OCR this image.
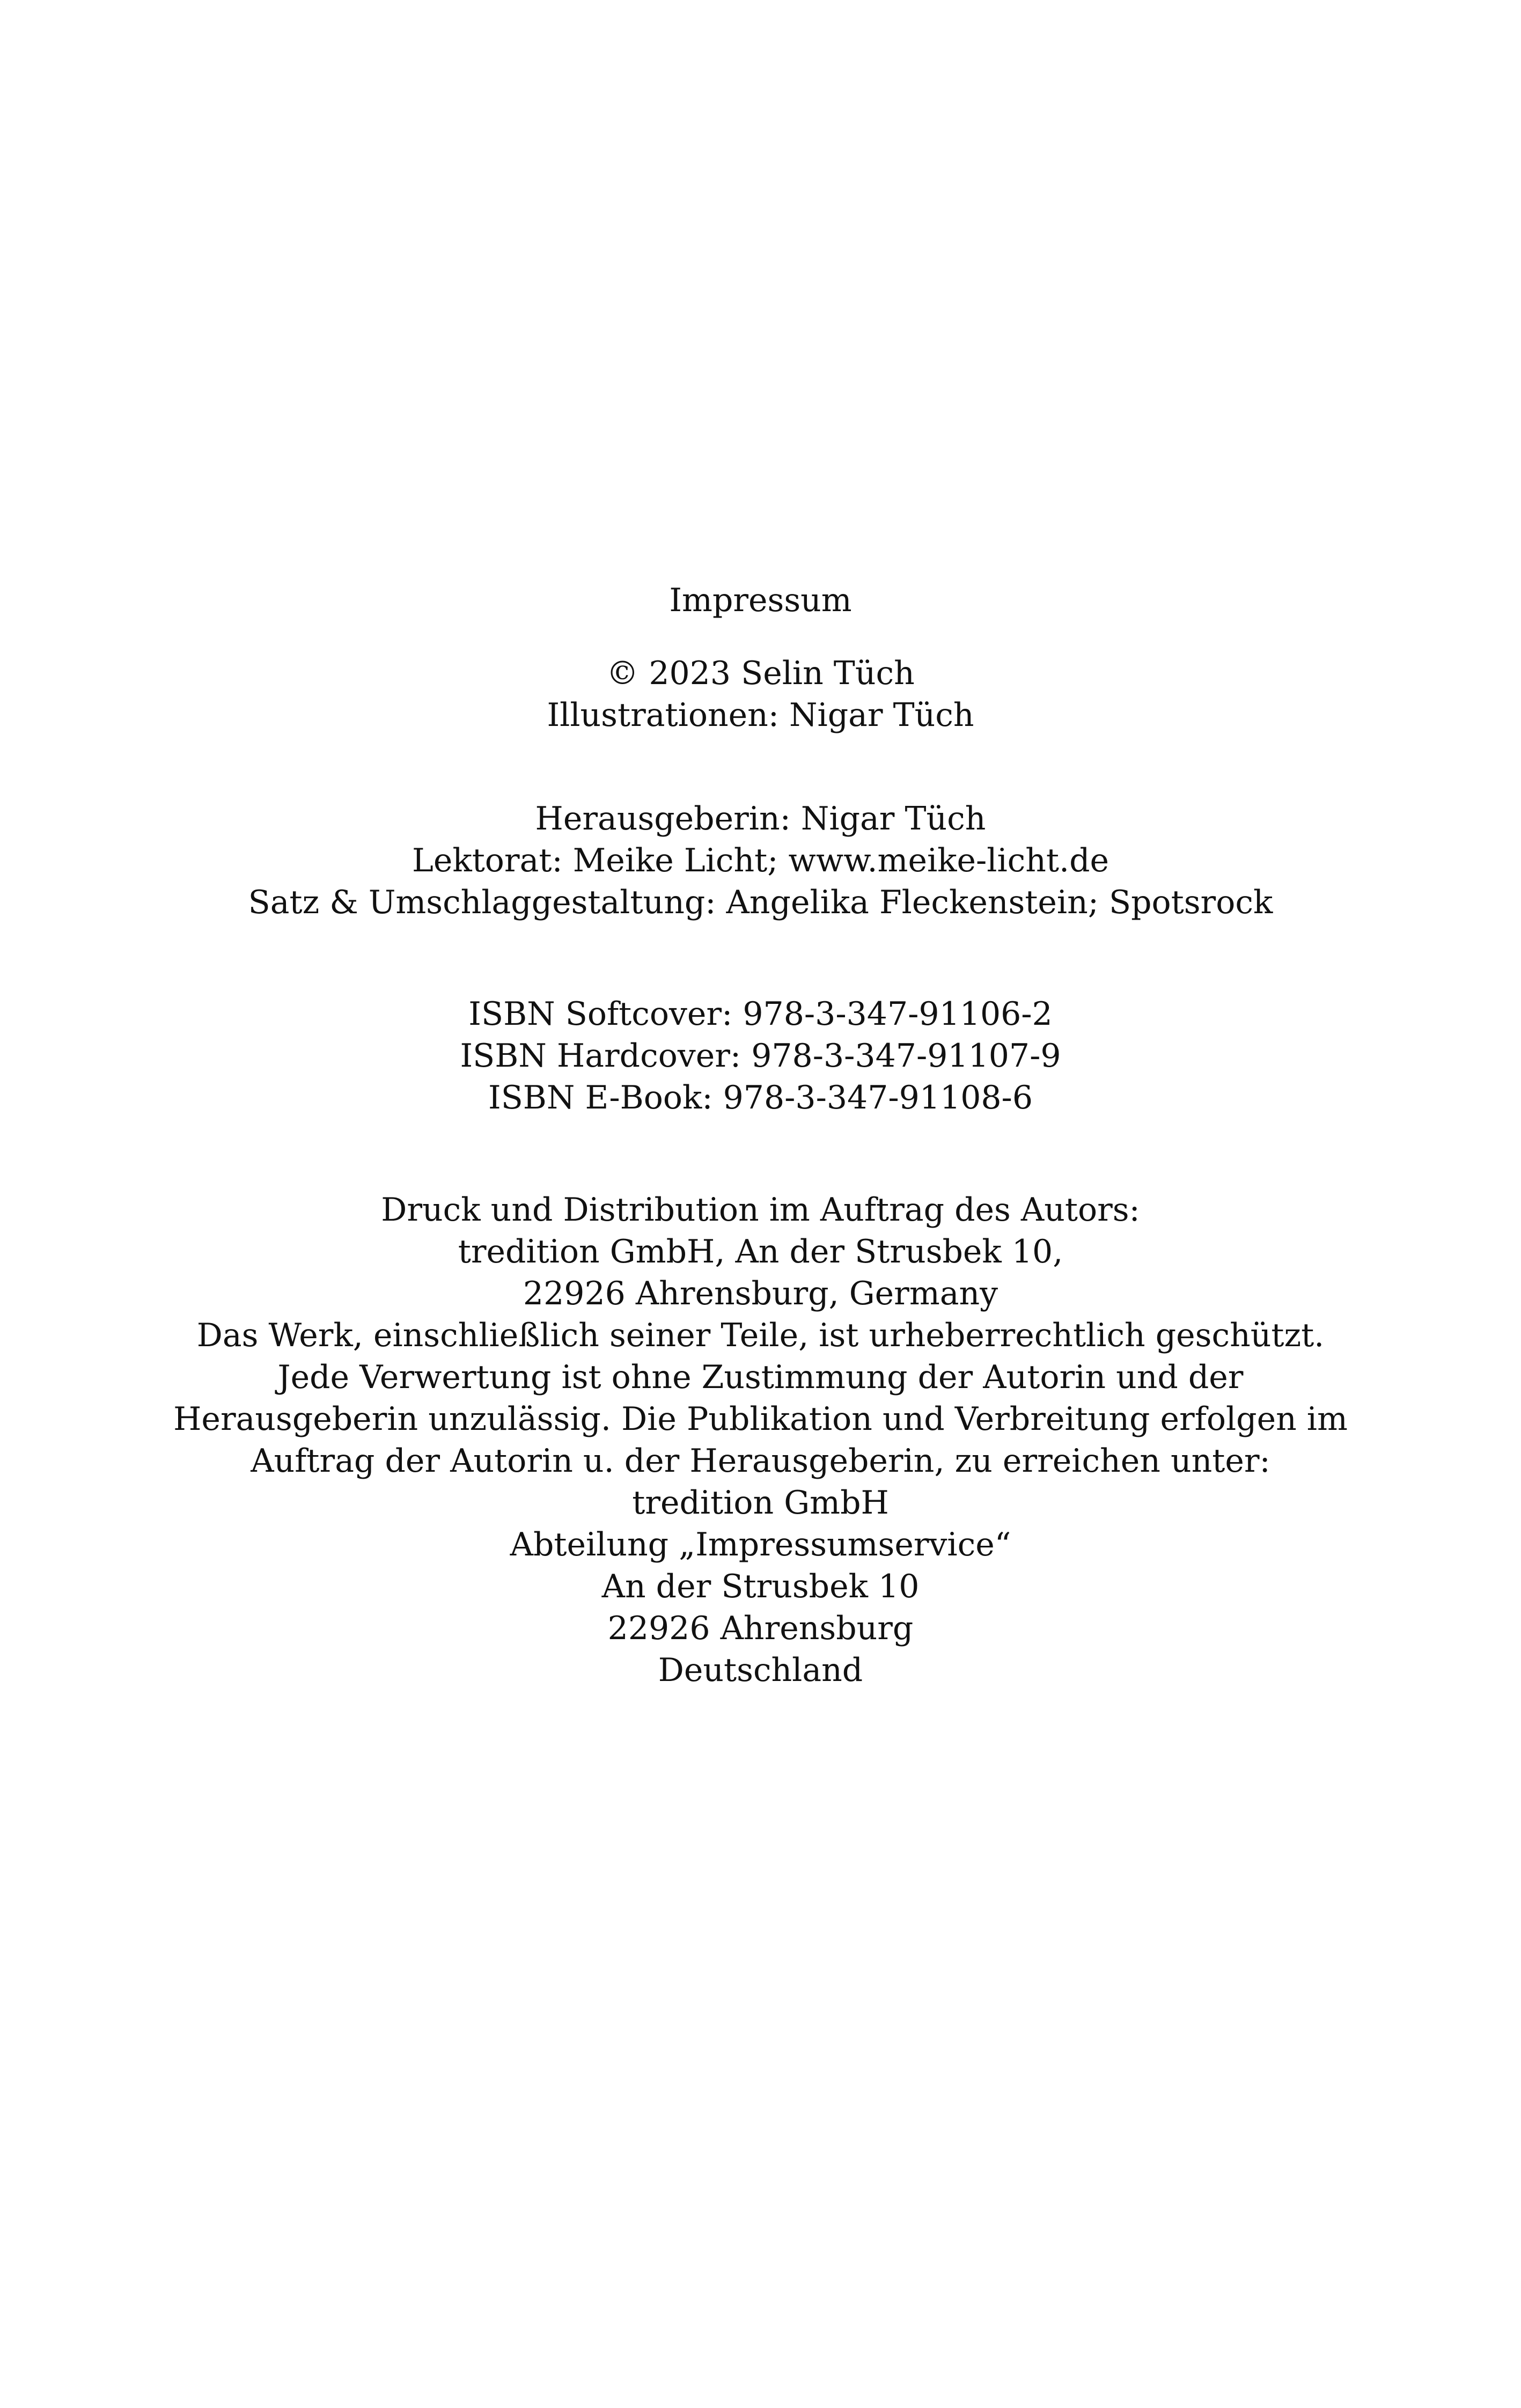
Impressum
© 2023 Selin Tüch
Illustrationen: Nigar Tüch
Herausgeberin: Nigar Tüch
Lektorat: Meike Licht; www.meike-licht.de
Satz & Umschlaggestaltung: Angelika Fleckenstein; Spotsrock
ISBN Softcover: 978-3-347-91106-2
ISBN Hardcover: 978-3-347-91107-9
ISBN E-Book: 978-3-347-91108-6
Druck und Distribution im Auftrag des Autors:
tredition GmbH, An der Strusbek 10,
22926 Ahrensburg, Germany
Das Werk, einschließlich seiner Teile, ist urheberrechtlich geschützt.
Jede Verwertung ist ohne Zustimmung der Autorin und der
Herausgeberin unzulässig. Die Publikation und Verbreitung erfolgen im
Auftrag der Autorin u. der Herausgeberin, zu erreichen unter:
tredition GmbH
Abteilung „Impressumservice“
An der Strusbek 10
22926 Ahrensburg
Deutschland
